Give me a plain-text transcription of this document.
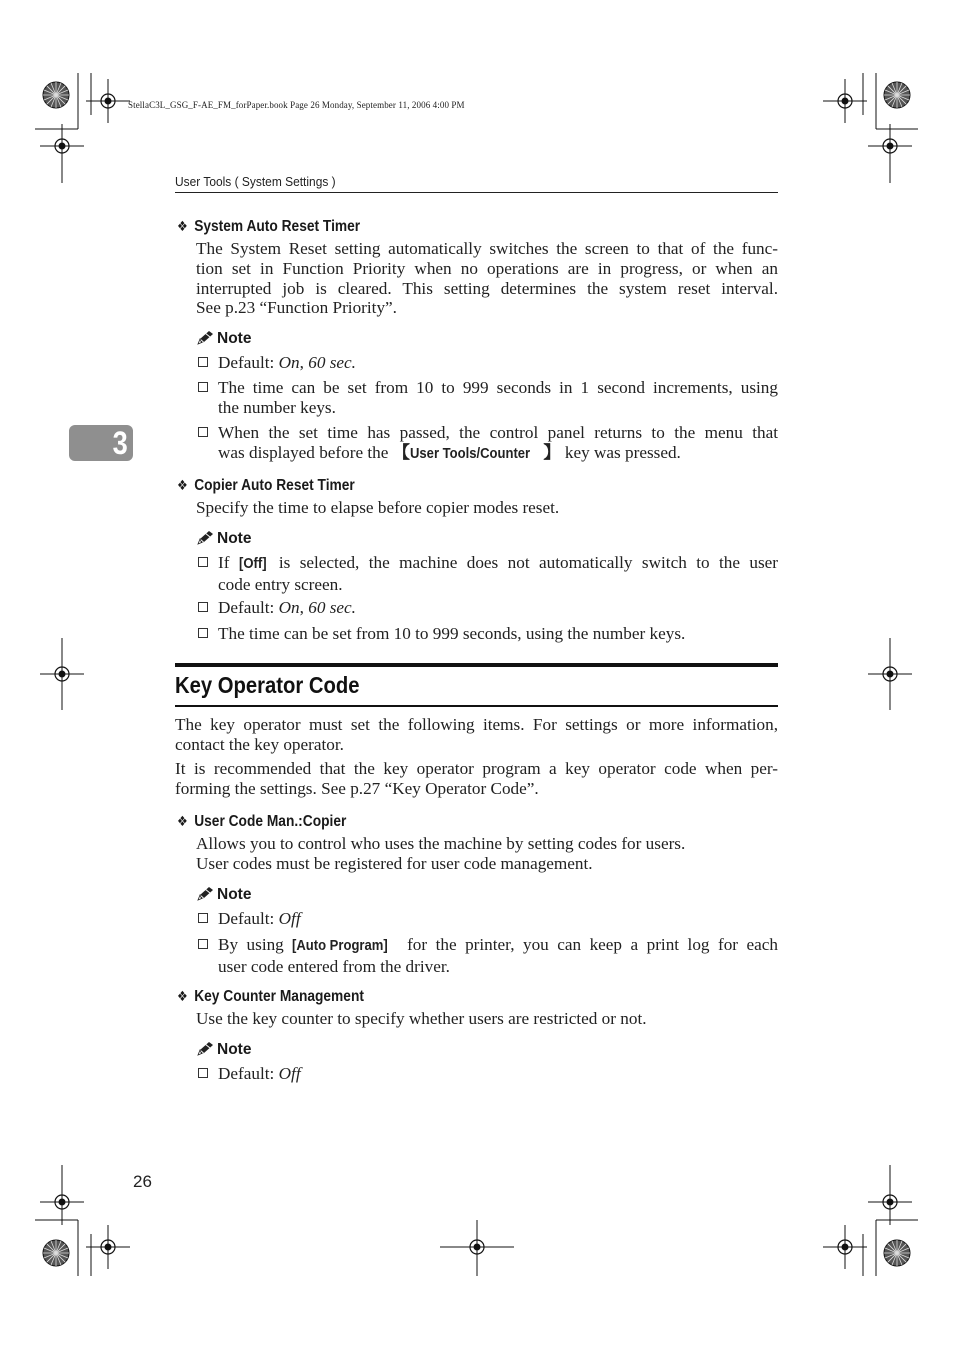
StellaC3L_GSG_F-AE_FM_forPaper.book Page 26 Monday, September 11, 2006 4:00 PM
User Tools ( System Settings )
3
❖ System Auto Reset Timer
The System Reset setting automatically switches the screen to that of the func-
tion set in Function Priority when no operations are in progress, or when an
interrupted job is cleared. This setting determines the system reset interval.
See p.23 “Function Priority”.
Note
Default: On, 60 sec.
The time can be set from 10 to 999 seconds in 1 second increments, using
the number keys.
When the set time has passed, the control panel returns to the menu that
was displayed before the 【User Tools/Counter 】 key was pressed.
❖ Copier Auto Reset Timer
Specify the time to elapse before copier modes reset.
Note
If [Off] is selected, the machine does not automatically switch to the user
code entry screen.
Default: On, 60 sec.
The time can be set from 10 to 999 seconds, using the number keys.
Key Operator Code
The key operator must set the following items. For settings or more information,
contact the key operator.
It is recommended that the key operator program a key operator code when per-
forming the settings. See p.27 “Key Operator Code”.
❖ User Code Man.:Copier
Allows you to control who uses the machine by setting codes for users.
User codes must be registered for user code management.
Note
Default: Off
By using [Auto Program] for the printer, you can keep a print log for each
user code entered from the driver.
❖ Key Counter Management
Use the key counter to specify whether users are restricted or not.
Note
Default: Off
26
